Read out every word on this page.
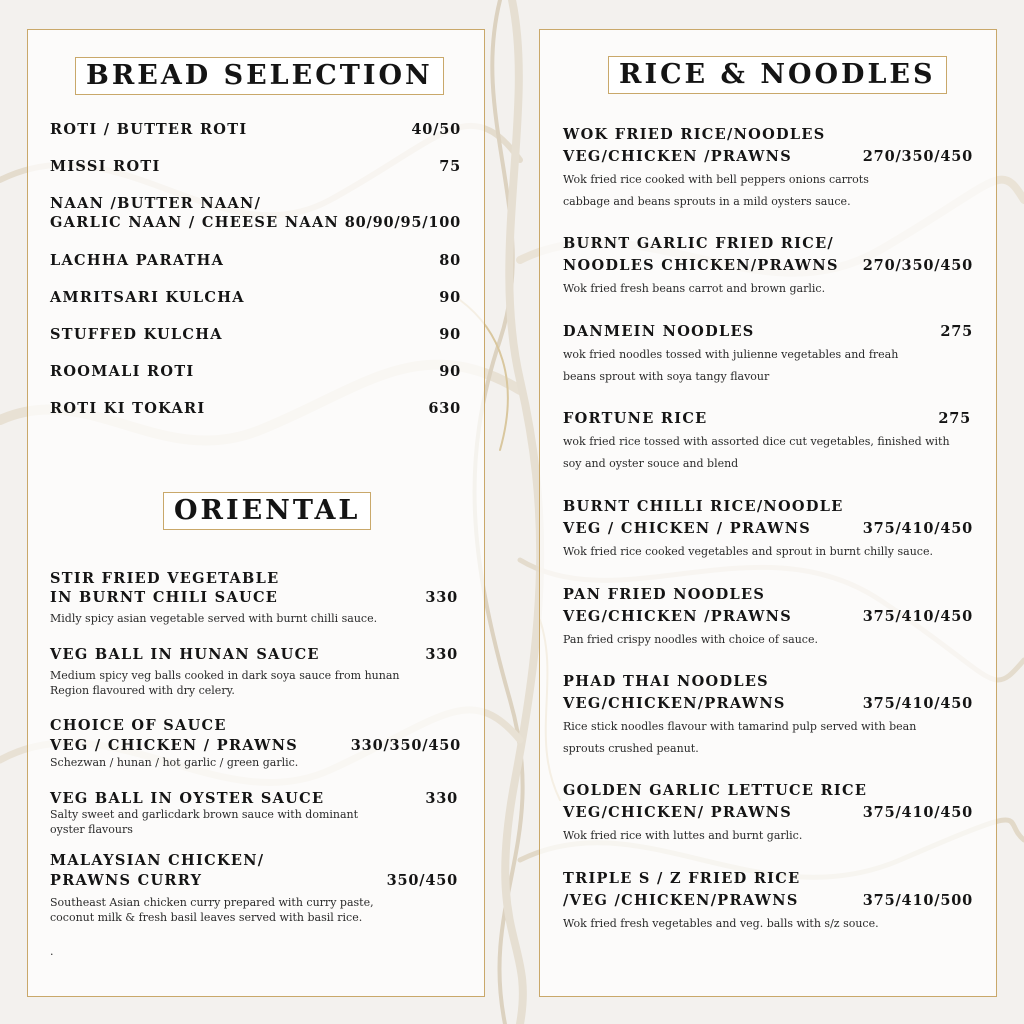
BREAD SELECTION
ROTI / BUTTER ROTI	40/50
MISSI ROTI	75
NAAN /BUTTER NAAN/
GARLIC NAAN / CHEESE NAAN 80/90/95/100
LACHHA PARATHA	80
AMRITSARI KULCHA	90
STUFFED KULCHA	90
ROOMALI ROTI	90
ROTI KI TOKARI	630
ORIENTAL
STIR FRIED VEGETABLE
IN BURNT CHILI SAUCE	330
Midly spicy asian vegetable served with burnt chilli sauce.
VEG BALL IN HUNAN SAUCE	330
Medium spicy veg balls cooked in dark soya sauce from hunan
Region flavoured with dry celery.
CHOICE OF SAUCE
VEG / CHICKEN / PRAWNS	330/350/450
Schezwan / hunan / hot garlic / green garlic.
VEG BALL IN OYSTER SAUCE	330
Salty sweet and garlicdark brown sauce with dominant
oyster flavours
MALAYSIAN CHICKEN/
PRAWNS CURRY	350/450
Southeast Asian chicken curry prepared with curry paste,
coconut milk & fresh basil leaves served with basil rice.
.
RICE & NOODLES
WOK FRIED RICE/NOODLES
VEG/CHICKEN /PRAWNS	270/350/450
Wok fried rice cooked with bell peppers onions carrots
cabbage and beans sprouts in a mild oysters sauce.
BURNT GARLIC FRIED RICE/
NOODLES CHICKEN/PRAWNS 270/350/450
Wok fried fresh beans carrot and brown garlic.
DANMEIN NOODLES	275
wok fried noodles tossed with julienne vegetables and freah
beans sprout with soya tangy flavour
FORTUNE RICE	275
wok fried rice tossed with assorted dice cut vegetables, finished with
soy and oyster souce and blend
BURNT CHILLI RICE/NOODLE
VEG / CHICKEN / PRAWNS	375/410/450
Wok fried rice cooked vegetables and sprout in burnt chilly sauce.
PAN FRIED NOODLES
VEG/CHICKEN /PRAWNS	375/410/450
Pan fried crispy noodles with choice of sauce.
PHAD THAI NOODLES
VEG/CHICKEN/PRAWNS	375/410/450
Rice stick noodles flavour with tamarind pulp served with bean
sprouts crushed peanut.
GOLDEN GARLIC LETTUCE RICE
VEG/CHICKEN/ PRAWNS	375/410/450
Wok fried rice with luttes and burnt garlic.
TRIPLE S / Z FRIED RICE
/VEG /CHICKEN/PRAWNS	375/410/500
Wok fried fresh vegetables and veg. balls with s/z souce.
